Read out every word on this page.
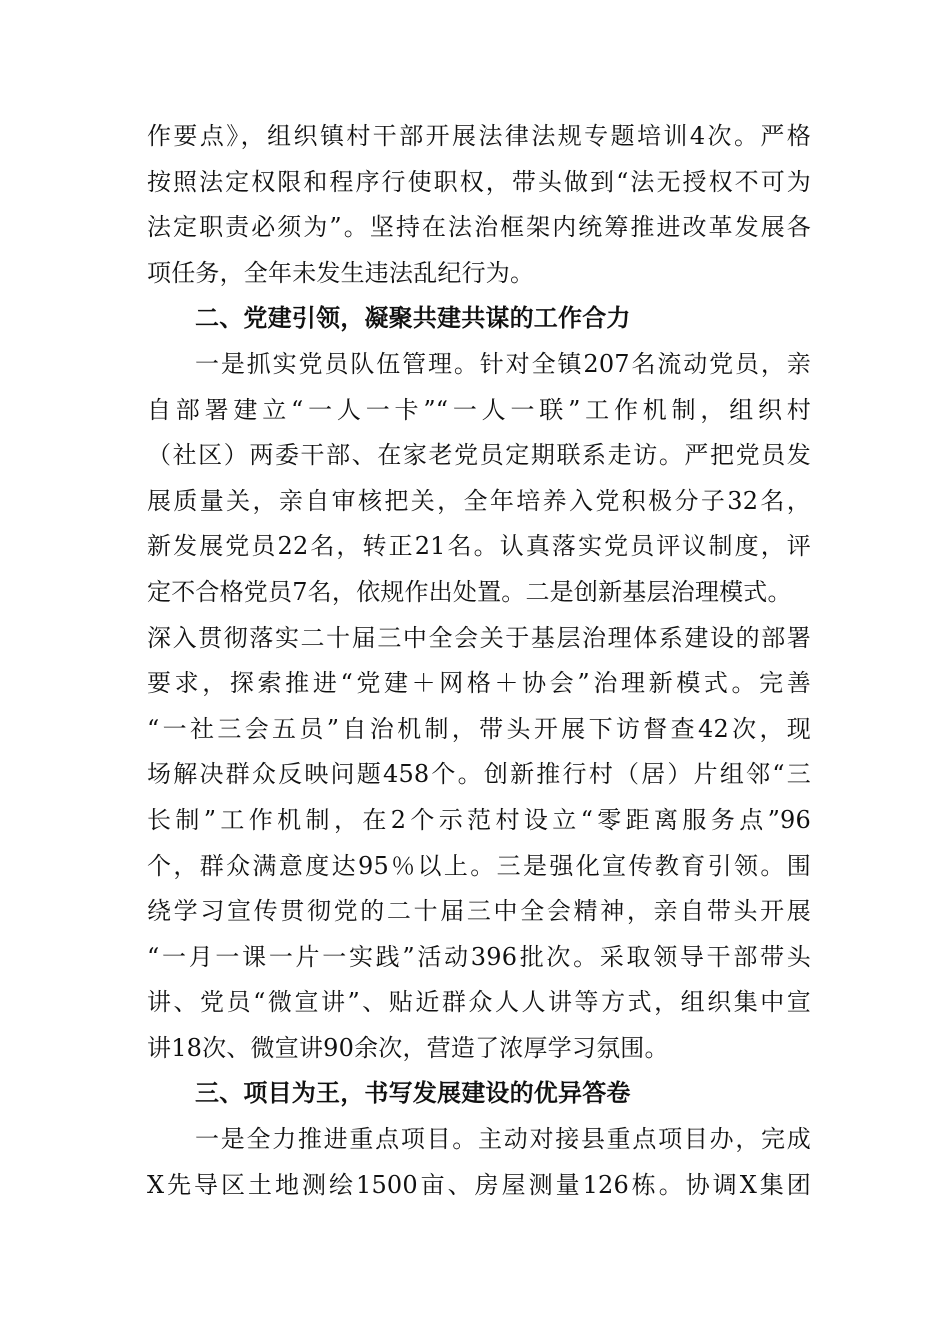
作要点》，组织镇村干部开展法律法规专题培训4次。严格
按照法定权限和程序行使职权，带头做到“法无授权不可为
法定职责必须为”。坚持在法治框架内统筹推进改革发展各
项任务，全年未发生违法乱纪行为。
二、党建引领，凝聚共建共谋的工作合力
一是抓实党员队伍管理。针对全镇207名流动党员，亲
自部署建立“一人一卡”“一人一联”工作机制，组织村
（社区）两委干部、在家老党员定期联系走访。严把党员发
展质量关，亲自审核把关，全年培养入党积极分子32名，
新发展党员22名，转正21名。认真落实党员评议制度，评
定不合格党员7名，依规作出处置。二是创新基层治理模式。
深入贯彻落实二十届三中全会关于基层治理体系建设的部署
要求，探索推进“党建＋网格＋协会”治理新模式。完善
“一社三会五员”自治机制，带头开展下访督查42次，现
场解决群众反映问题458个。创新推行村（居）片组邻“三
长制”工作机制，在2个示范村设立“零距离服务点”96
个，群众满意度达95％以上。三是强化宣传教育引领。围
绕学习宣传贯彻党的二十届三中全会精神，亲自带头开展
“一月一课一片一实践”活动396批次。采取领导干部带头
讲、党员“微宣讲”、贴近群众人人讲等方式，组织集中宣
讲18次、微宣讲90余次，营造了浓厚学习氛围。
三、项目为王，书写发展建设的优异答卷
一是全力推进重点项目。主动对接县重点项目办，完成
X先导区土地测绘1500亩、房屋测量126栋。协调X集团
